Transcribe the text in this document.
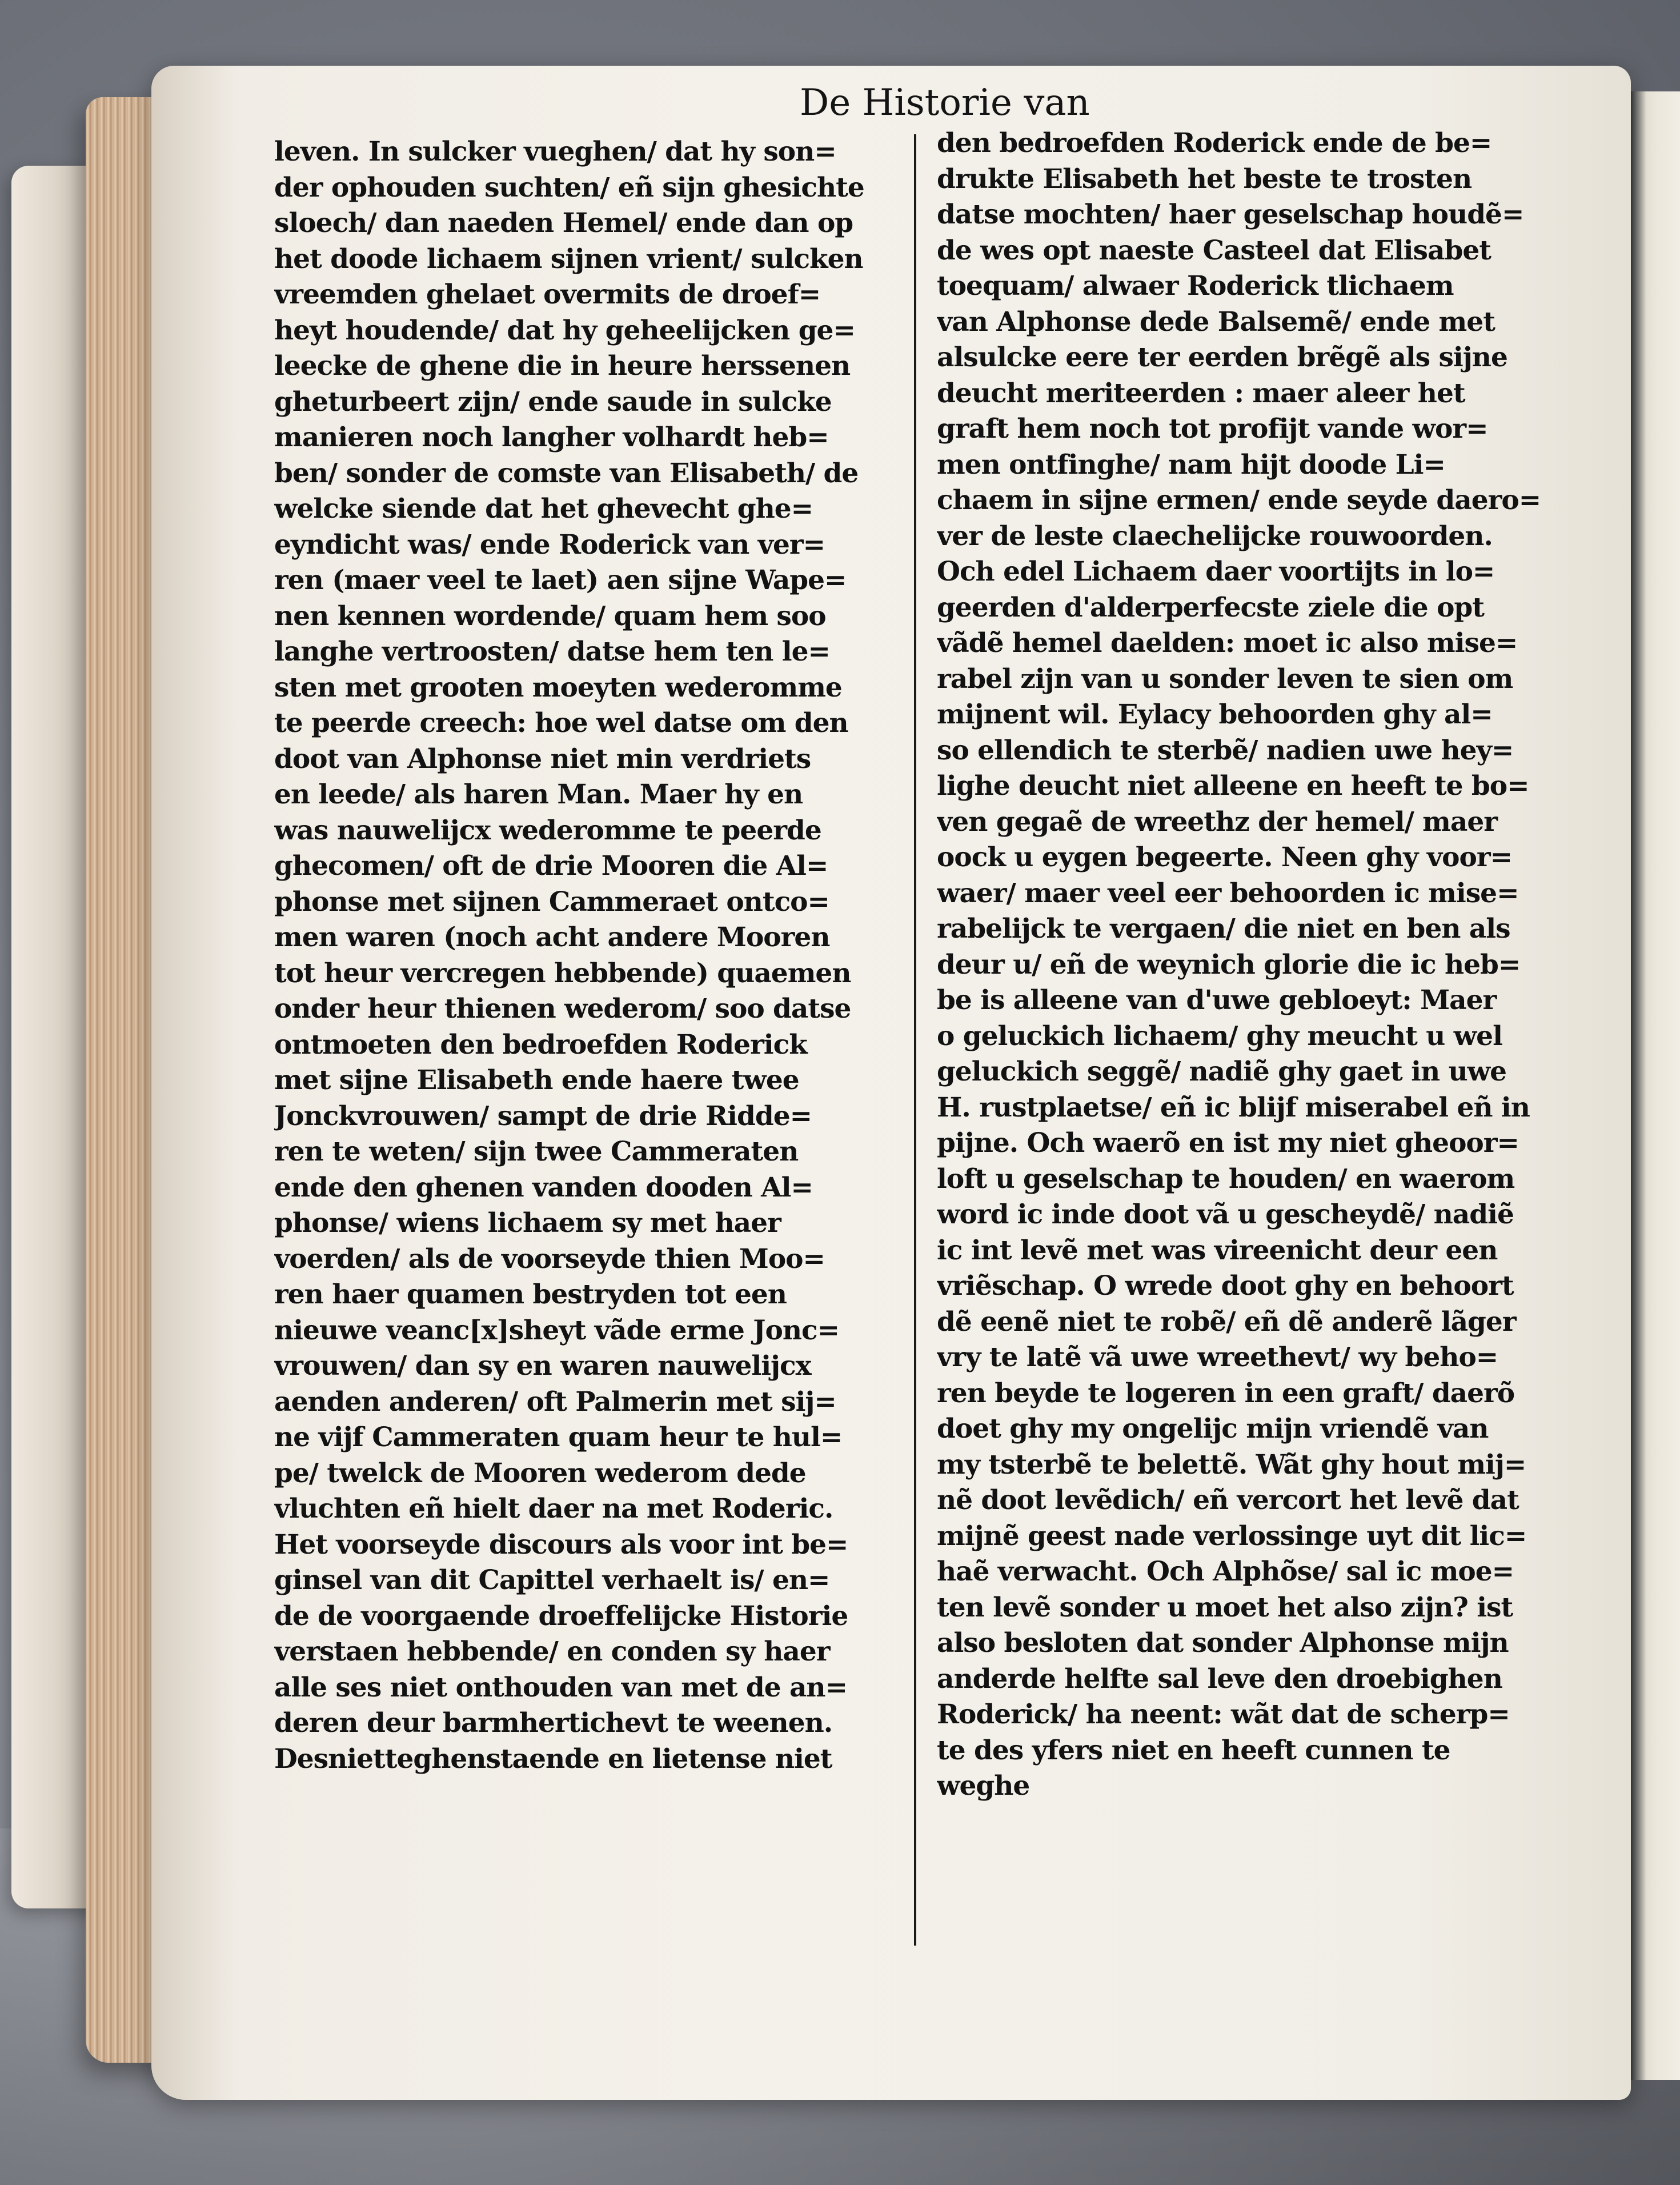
De Historie van
leven. In sulcker vueghen/ dat hy son=
der ophouden suchten/ eñ sijn ghesichte
sloech/ dan naeden Hemel/ ende dan op
het doode lichaem sijnen vrient/ sulcken
vreemden ghelaet overmits de droef=
heyt houdende/ dat hy geheelijcken ge=
leecke de ghene die in heure herssenen
gheturbeert zijn/ ende saude in sulcke
manieren noch langher volhardt heb=
ben/ sonder de comste van Elisabeth/ de
welcke siende dat het ghevecht ghe=
eyndicht was/ ende Roderick van ver=
ren (maer veel te laet) aen sijne Wape=
nen kennen wordende/ quam hem soo
langhe vertroosten/ datse hem ten le=
sten met grooten moeyten wederomme
te peerde creech: hoe wel datse om den
doot van Alphonse niet min verdriets
en leede/ als haren Man. Maer hy en
was nauwelijcx wederomme te peerde
ghecomen/ oft de drie Mooren die Al=
phonse met sijnen Cammeraet ontco=
men waren (noch acht andere Mooren
tot heur vercregen hebbende) quaemen
onder heur thienen wederom/ soo datse
ontmoeten den bedroefden Roderick
met sijne Elisabeth ende haere twee
Jonckvrouwen/ sampt de drie Ridde=
ren te weten/ sijn twee Cammeraten
ende den ghenen vanden dooden Al=
phonse/ wiens lichaem sy met haer
voerden/ als de voorseyde thien Moo=
ren haer quamen bestryden tot een
nieuwe veanc[x]sheyt vãde erme Jonc=
vrouwen/ dan sy en waren nauwelijcx
aenden anderen/ oft Palmerin met sij=
ne vijf Cammeraten quam heur te hul=
pe/ twelck de Mooren wederom dede
vluchten eñ hielt daer na met Roderic.
Het voorseyde discours als voor int be=
ginsel van dit Capittel verhaelt is/ en=
de de voorgaende droeffelijcke Historie
verstaen hebbende/ en conden sy haer
alle ses niet onthouden van met de an=
deren deur barmhertichevt te weenen.
Desnietteghenstaende en lietense niet
den bedroefden Roderick ende de be=
drukte Elisabeth het beste te trosten
datse mochten/ haer geselschap houdẽ=
de wes opt naeste Casteel dat Elisabet
toequam/ alwaer Roderick tlichaem
van Alphonse dede Balsemẽ/ ende met
alsulcke eere ter eerden brẽgẽ als sijne
deucht meriteerden : maer aleer het
graft hem noch tot profijt vande wor=
men ontfinghe/ nam hijt doode Li=
chaem in sijne ermen/ ende seyde daero=
ver de leste claechelijcke rouwoorden.
Och edel Lichaem daer voortijts in lo=
geerden d'alderperfecste ziele die opt
vãdẽ hemel daelden: moet ic also mise=
rabel zijn van u sonder leven te sien om
mijnent wil. Eylacy behoorden ghy al=
so ellendich te sterbẽ/ nadien uwe hey=
lighe deucht niet alleene en heeft te bo=
ven gegaẽ de wreethz der hemel/ maer
oock u eygen begeerte. Neen ghy voor=
waer/ maer veel eer behoorden ic mise=
rabelijck te vergaen/ die niet en ben als
deur u/ eñ de weynich glorie die ic heb=
be is alleene van d'uwe gebloeyt: Maer
o geluckich lichaem/ ghy meucht u wel
geluckich seggẽ/ nadiẽ ghy gaet in uwe
H. rustplaetse/ eñ ic blijf miserabel eñ in
pijne. Och waerõ en ist my niet gheoor=
loft u geselschap te houden/ en waerom
word ic inde doot vã u gescheydẽ/ nadiẽ
ic int levẽ met was vireenicht deur een
vriẽschap. O wrede doot ghy en behoort
dẽ eenẽ niet te robẽ/ eñ dẽ anderẽ lãger
vry te latẽ vã uwe wreethevt/ wy beho=
ren beyde te logeren in een graft/ daerõ
doet ghy my ongelijc mijn vriendẽ van
my tsterbẽ te belettẽ. Wãt ghy hout mij=
nẽ doot levẽdich/ eñ vercort het levẽ dat
mijnẽ geest nade verlossinge uyt dit lic=
haẽ verwacht. Och Alphõse/ sal ic moe=
ten levẽ sonder u moet het also zijn? ist
also besloten dat sonder Alphonse mijn
anderde helfte sal leve den droebighen
Roderick/ ha neent: wãt dat de scherp=
te des yfers niet en heeft cunnen te
weghe
